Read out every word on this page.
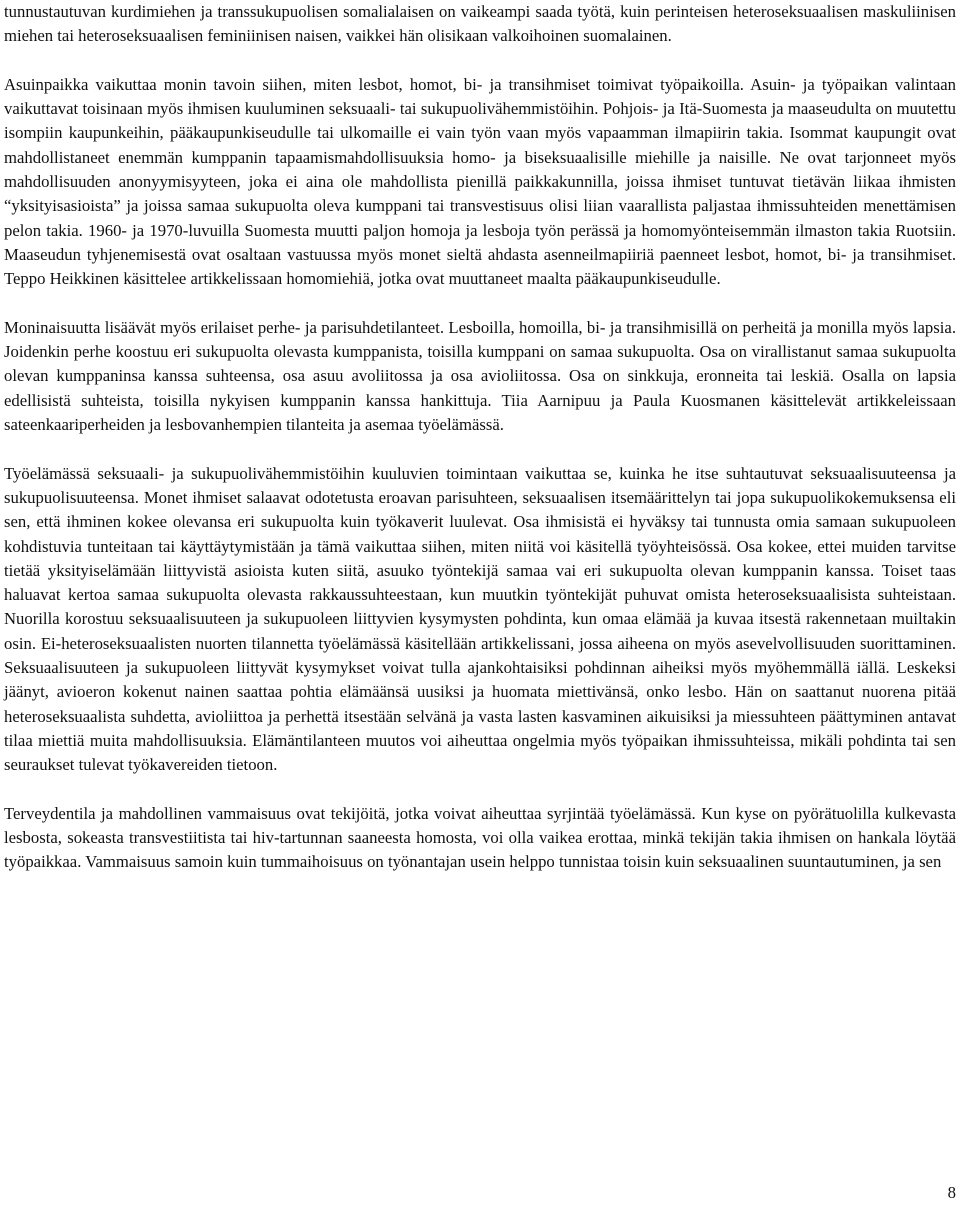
tunnustautuvan kurdimiehen ja transsukupuolisen somalialaisen on vaikeampi saada työtä, kuin perinteisen heteroseksuaalisen maskuliinisen miehen tai heteroseksuaalisen feminiinisen naisen, vaikkei hän olisikaan valkoihoinen suomalainen.

Asuinpaikka vaikuttaa monin tavoin siihen, miten lesbot, homot, bi- ja transihmiset toimivat työpaikoilla. Asuin- ja työpaikan valintaan vaikuttavat toisinaan myös ihmisen kuuluminen seksuaali- tai sukupuolivähemmistöihin. Pohjois- ja Itä-Suomesta ja maaseudulta on muutettu isompiin kaupunkeihin, pääkaupunkiseudulle tai ulkomaille ei vain työn vaan myös vapaamman ilmapiirin takia. Isommat kaupungit ovat mahdollistaneet enemmän kumppanin tapaamismahdollisuuksia homo- ja biseksuaalisille miehille ja naisille. Ne ovat tarjonneet myös mahdollisuuden anonyymisyyteen, joka ei aina ole mahdollista pienillä paikkakunnilla, joissa ihmiset tuntuvat tietävän liikaa ihmisten “yksityisasioista” ja joissa samaa sukupuolta oleva kumppani tai transvestisuus olisi liian vaarallista paljastaa ihmissuhteiden menettämisen pelon takia. 1960- ja 1970-luvuilla Suomesta muutti paljon homoja ja lesboja työn perässä ja homomyönteisemmän ilmaston takia Ruotsiin. Maaseudun tyhjenemisestä ovat osaltaan vastuussa myös monet sieltä ahdasta asenneilmapiiriä paenneet lesbot, homot, bi- ja transihmiset. Teppo Heikkinen käsittelee artikkelissaan homomiehiä, jotka ovat muuttaneet maalta pääkaupunkiseudulle.

Moninaisuutta lisäävät myös erilaiset perhe- ja parisuhdetilanteet. Lesboilla, homoilla, bi- ja transihmisillä on perheitä ja monilla myös lapsia. Joidenkin perhe koostuu eri sukupuolta olevasta kumppanista, toisilla kumppani on samaa sukupuolta. Osa on virallistanut samaa sukupuolta olevan kumppaninsa kanssa suhteensa, osa asuu avoliitossa ja osa avioliitossa. Osa on sinkkuja, eronneita tai leskiä. Osalla on lapsia edellisistä suhteista, toisilla nykyisen kumppanin kanssa hankittuja. Tiia Aarnipuu ja Paula Kuosmanen käsittelevät artikkeleissaan sateenkaariperheiden ja lesbovanhempien tilanteita ja asemaa työelämässä.

Työelämässä seksuaali- ja sukupuolivähemmistöihin kuuluvien toimintaan vaikuttaa se, kuinka he itse suhtautuvat seksuaalisuuteensa ja sukupuolisuuteensa. Monet ihmiset salaavat odotetusta eroavan parisuhteen, seksuaalisen itsemäärittelyn tai jopa sukupuolikokemuksensa eli sen, että ihminen kokee olevansa eri sukupuolta kuin työkaverit luulevat. Osa ihmisistä ei hyväksy tai tunnusta omia samaan sukupuoleen kohdistuvia tunteitaan tai käyttäytymistään ja tämä vaikuttaa siihen, miten niitä voi käsitellä työyhteisössä. Osa kokee, ettei muiden tarvitse tietää yksityiselämään liittyvistä asioista kuten siitä, asuuko työntekijä samaa vai eri sukupuolta olevan kumppanin kanssa. Toiset taas haluavat kertoa samaa sukupuolta olevasta rakkaussuhteestaan, kun muutkin työntekijät puhuvat omista heteroseksuaalisista suhteistaan. Nuorilla korostuu seksuaalisuuteen ja sukupuoleen liittyvien kysymysten pohdinta, kun omaa elämää ja kuvaa itsestä rakennetaan muiltakin osin. Ei-heteroseksuaalisten nuorten tilannetta työelämässä käsitellään artikkelissani, jossa aiheena on myös asevelvollisuuden suorittaminen. Seksuaalisuuteen ja sukupuoleen liittyvät kysymykset voivat tulla ajankohtaisiksi pohdinnan aiheiksi myös myöhemmällä iällä. Leskeksi jäänyt, avioeron kokenut nainen saattaa pohtia elämäänsä uusiksi ja huomata miettivänsä, onko lesbo. Hän on saattanut nuorena pitää heteroseksuaalista suhdetta, avioliittoa ja perhettä itsestään selvänä ja vasta lasten kasvaminen aikuisiksi ja miessuhteen päättyminen antavat tilaa miettiä muita mahdollisuuksia. Elämäntilanteen muutos voi aiheuttaa ongelmia myös työpaikan ihmissuhteissa, mikäli pohdinta tai sen seuraukset tulevat työkavereiden tietoon.

Terveydentila ja mahdollinen vammaisuus ovat tekijöitä, jotka voivat aiheuttaa syrjintää työelämässä. Kun kyse on pyörätuolilla kulkevasta lesbosta, sokeasta transvestiitista tai hiv-tartunnan saaneesta homosta, voi olla vaikea erottaa, minkä tekijän takia ihmisen on hankala löytää työpaikkaa. Vammaisuus samoin kuin tummaihoisuus on työnantajan usein helppo tunnistaa toisin kuin seksuaalinen suuntautuminen, ja sen

8
